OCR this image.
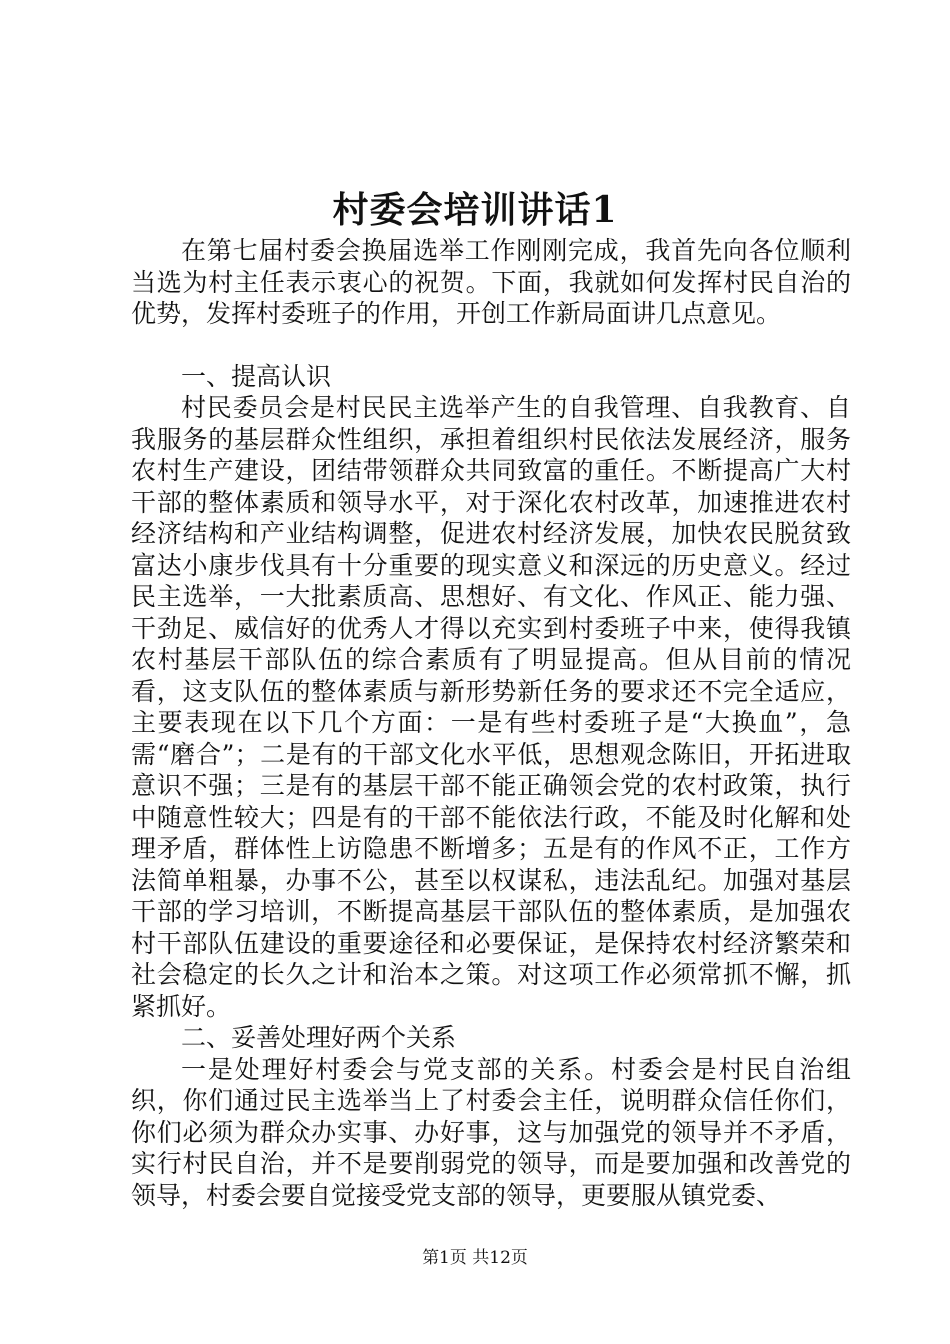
村委会培训讲话1

在第七届村委会换届选举工作刚刚完成，我首先向各位顺利当选为村主任表示衷心的祝贺。下面，我就如何发挥村民自治的优势，发挥村委班子的作用，开创工作新局面讲几点意见。

一、提高认识

村民委员会是村民民主选举产生的自我管理、自我教育、自我服务的基层群众性组织，承担着组织村民依法发展经济，服务农村生产建设，团结带领群众共同致富的重任。不断提高广大村干部的整体素质和领导水平，对于深化农村改革，加速推进农村经济结构和产业结构调整，促进农村经济发展，加快农民脱贫致富达小康步伐具有十分重要的现实意义和深远的历史意义。经过民主选举，一大批素质高、思想好、有文化、作风正、能力强、干劲足、威信好的优秀人才得以充实到村委班子中来，使得我镇农村基层干部队伍的综合素质有了明显提高。但从目前的情况看，这支队伍的整体素质与新形势新任务的要求还不完全适应，主要表现在以下几个方面：一是有些村委班子是“大换血”，急需“磨合”；二是有的干部文化水平低，思想观念陈旧，开拓进取意识不强；三是有的基层干部不能正确领会党的农村政策，执行中随意性较大；四是有的干部不能依法行政，不能及时化解和处理矛盾，群体性上访隐患不断增多；五是有的作风不正，工作方法简单粗暴，办事不公，甚至以权谋私，违法乱纪。加强对基层干部的学习培训，不断提高基层干部队伍的整体素质，是加强农村干部队伍建设的重要途径和必要保证，是保持农村经济繁荣和社会稳定的长久之计和治本之策。对这项工作必须常抓不懈，抓紧抓好。

二、妥善处理好两个关系

一是处理好村委会与党支部的关系。村委会是村民自治组织，你们通过民主选举当上了村委会主任，说明群众信任你们，你们必须为群众办实事、办好事，这与加强党的领导并不矛盾，实行村民自治，并不是要削弱党的领导，而是要加强和改善党的领导，村委会要自觉接受党支部的领导，更要服从镇党委、

第1页 共12页
